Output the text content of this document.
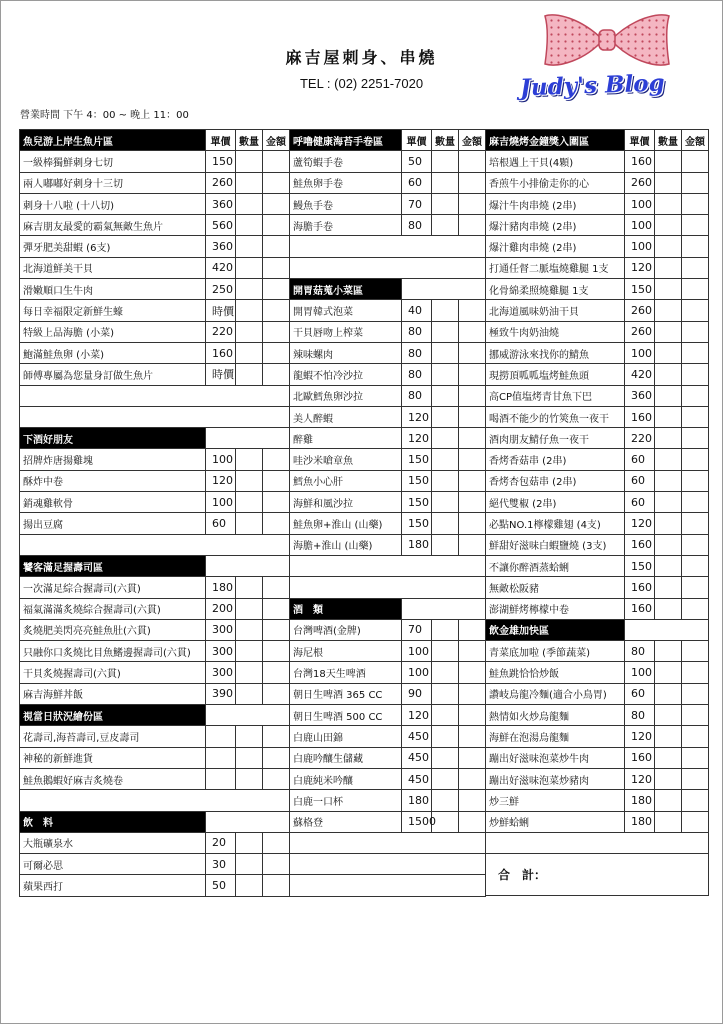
Judy's Blog
麻吉屋刺身、串燒
TEL : (02) 2251-7020
營業時間 下午 4：00 ~ 晚上 11：00
魚兒游上岸生魚片區	單價	數量	金額
一級棒獨鮮刺身七切	150		
兩人嘟嘟好刺身十三切	260		
刺身十八啦 (十八切)	360		
麻吉朋友最愛的霸氣無敵生魚片	560		
彈牙肥美甜蝦 (6支)	360		
北海道鮮美干貝	420		
滑嫩順口生牛肉	250		
每日幸福限定新鮮生蠔	時價		
特級上品海膽 (小菜)	220		
鮑滿鮭魚卵 (小菜)	160		
師傅專屬為您量身訂做生魚片	時價		

下酒好朋友			
招牌炸唐揚雞塊	100		
酥炸中卷	120		
銷魂雞軟骨	100		
揚出豆腐	60		

饕客滿足握壽司區			
一次滿足綜合握壽司(六貫)	180		
福氣滿滿炙燒綜合握壽司(六貫)	200		
炙燒肥美閃亮亮鮭魚肚(六貫)	300		
只融你口炙燒比目魚鰭邊握壽司(六貫)	300		
干貝炙燒握壽司(六貫)	300		
麻吉海鮮丼飯	390		
視當日狀況繪份區			
花壽司,海苔壽司,豆皮壽司			
神秘的新鮮進貨			
鮭魚鵝蝦好麻吉炙燒卷			

飲　料			
大瓶礦泉水	20		
可爾必思	30		
蘋果西打	50		
呼嚕健康海苔手卷區	單價	數量	金額
蘆筍蝦手卷	50		
鮭魚卵手卷	60		
鰻魚手卷	70		
海膽手卷	80		

開胃菇蒐小菜區			
開胃韓式泡菜	40		
干貝唇吻上榨菜	80		
辣味螺肉	80		
龍蝦不怕冷沙拉	80		
北歐鱈魚卵沙拉	80		
美人醉蝦	120		
醉雞	120		
哇沙米嗆章魚	150		
鱈魚小心肝	150		
海鮮和風沙拉	150		
鮭魚卵+淮山 (山藥)	150		
海膽+淮山 (山藥)	180		

酒　類			
台灣啤酒(金牌)	70		
海尼根	100		
台灣18天生啤酒	100		
朝日生啤酒 365 CC	90		
朝日生啤酒 500 CC	120		
白鹿山田錦	450		
白鹿吟釀生儲藏	450		
白鹿純米吟釀	450		
白鹿一口杯	180		
蘇格登	1500		

麻吉燒烤金鐘獎入圍區	單價	數量	金額
培根遇上干貝(4顆)	160		
香煎牛小排偷走你的心	260		
爆汁牛肉串燒 (2串)	100		
爆汁豬肉串燒 (2串)	100		
爆汁雞肉串燒 (2串)	100		
打通任督二脈塩燒雞腿 1支	120		
化骨綿柔照燒雞腿 1支	150		
北海道風味奶油干貝	260		
極致牛肉奶油燒	260		
挪威游泳來找你的鯖魚	100		
現撈頂呱呱塩烤鮭魚頭	420		
高CP值塩烤青甘魚下巴	360		
喝酒不能少的竹筴魚一夜干	160		
酒肉朋友鯖仔魚一夜干	220		
香烤香菇串 (2串)	60		
香烤杏包菇串 (2串)	60		
絕代雙椒 (2串)	60		
必點NO.1檸檬雞翅 (4支)	120		
鮮甜好滋味白蝦鹽燒 (3支)	160		
不讓你醉酒蒸蛤蜊	150		
無敵松阪豬	160		
澎湖鮮烤檸檬中卷	160		
飲金雄加快區			
青菜底加啦 (季節蔬菜)	80		
鮭魚跳恰恰炒飯	100		
讚岐烏龍冷麵(適合小鳥胃)	60		
熱情如火炒烏龍麵	80		
海鮮在泡湯烏龍麵	120		
蹦出好滋味泡菜炒牛肉	160		
蹦出好滋味泡菜炒豬肉	120		
炒三鮮	180		
炒鮮蛤蜊	180		

合　計：			
